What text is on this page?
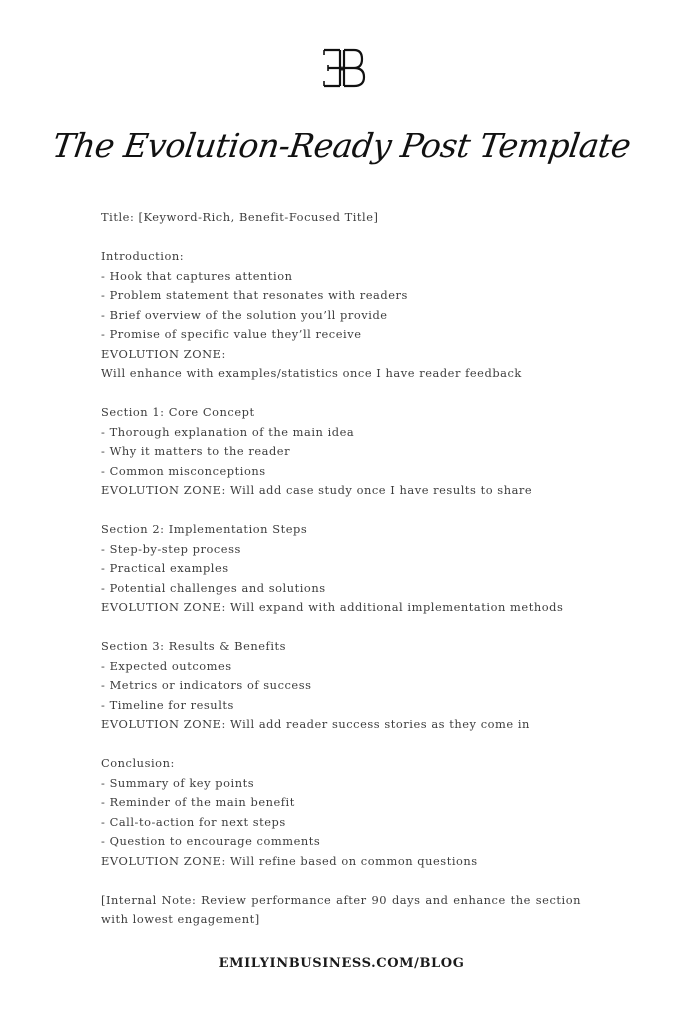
The Evolution-Ready Post Template
Title: [Keyword-Rich, Benefit-Focused Title]
Introduction:
- Hook that captures attention
- Problem statement that resonates with readers
- Brief overview of the solution you’ll provide
- Promise of specific value they’ll receive
EVOLUTION ZONE:
Will enhance with examples/statistics once I have reader feedback
Section 1: Core Concept
- Thorough explanation of the main idea
- Why it matters to the reader
- Common misconceptions
EVOLUTION ZONE: Will add case study once I have results to share
Section 2: Implementation Steps
- Step-by-step process
- Practical examples
- Potential challenges and solutions
EVOLUTION ZONE: Will expand with additional implementation methods
Section 3: Results & Benefits
- Expected outcomes
- Metrics or indicators of success
- Timeline for results
EVOLUTION ZONE: Will add reader success stories as they come in
Conclusion:
- Summary of key points
- Reminder of the main benefit
- Call-to-action for next steps
- Question to encourage comments
EVOLUTION ZONE: Will refine based on common questions
[Internal Note: Review performance after 90 days and enhance the section with lowest engagement]
EMILYINBUSINESS.COM/BLOG
